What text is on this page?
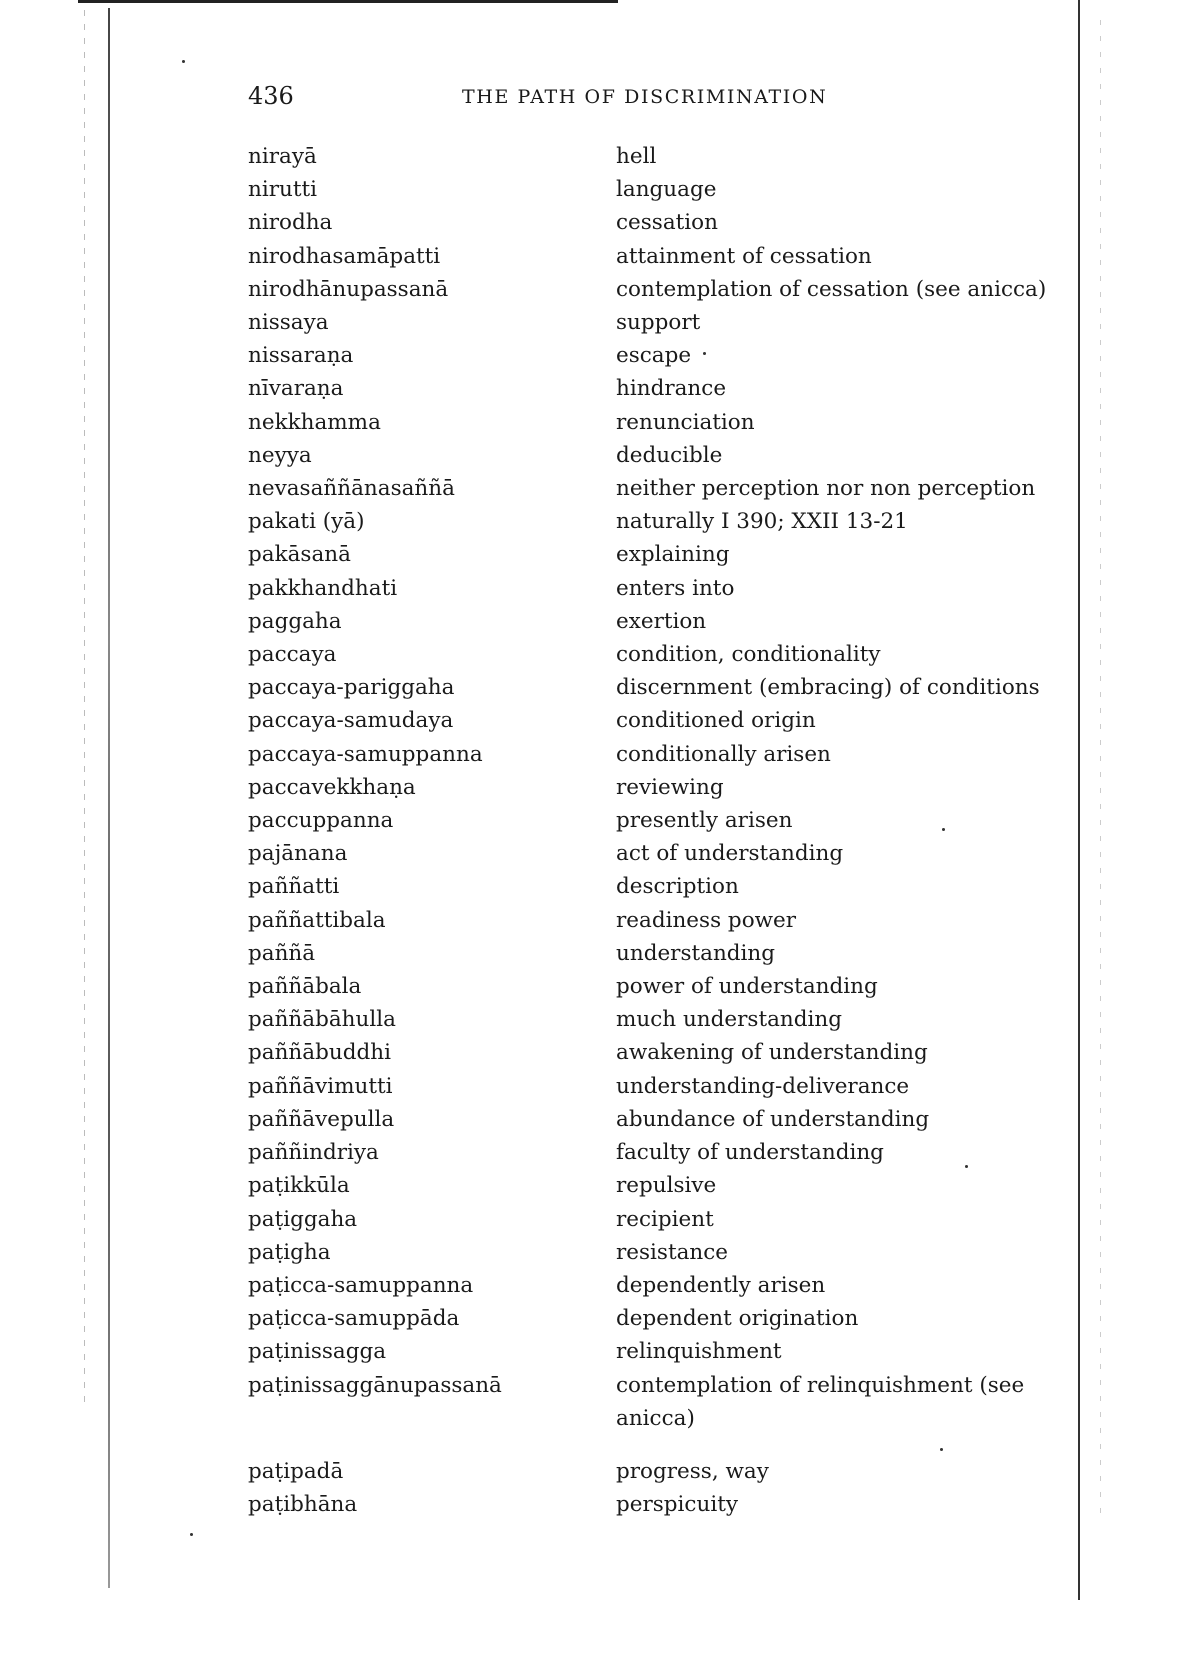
436	THE PATH OF DISCRIMINATION
nirayā	hell
nirutti	language
nirodha	cessation
nirodhasamāpatti	attainment of cessation
nirodhānupassanā	contemplation of cessation (see anicca)
nissaya	support
nissaraṇa	escape
nīvaraṇa	hindrance
nekkhamma	renunciation
neyya	deducible
nevasaññānasaññā	neither perception nor non perception
pakati (yā)	naturally I 390; XXII 13-21
pakāsanā	explaining
pakkhandhati	enters into
paggaha	exertion
paccaya	condition, conditionality
paccaya-pariggaha	discernment (embracing) of conditions
paccaya-samudaya	conditioned origin
paccaya-samuppanna	conditionally arisen
paccavekkhaṇa	reviewing
paccuppanna	presently arisen
pajānana	act of understanding
paññatti	description
paññattibala	readiness power
paññā	understanding
paññābala	power of understanding
paññābāhulla	much understanding
paññābuddhi	awakening of understanding
paññāvimutti	understanding-deliverance
paññāvepulla	abundance of understanding
paññindriya	faculty of understanding
paṭikkūla	repulsive
paṭiggaha	recipient
paṭigha	resistance
paṭicca-samuppanna	dependently arisen
paṭicca-samuppāda	dependent origination
paṭinissagga	relinquishment
paṭinissaggānupassanā	contemplation of relinquishment (see anicca)
paṭipadā	progress, way
paṭibhāna	perspicuity
